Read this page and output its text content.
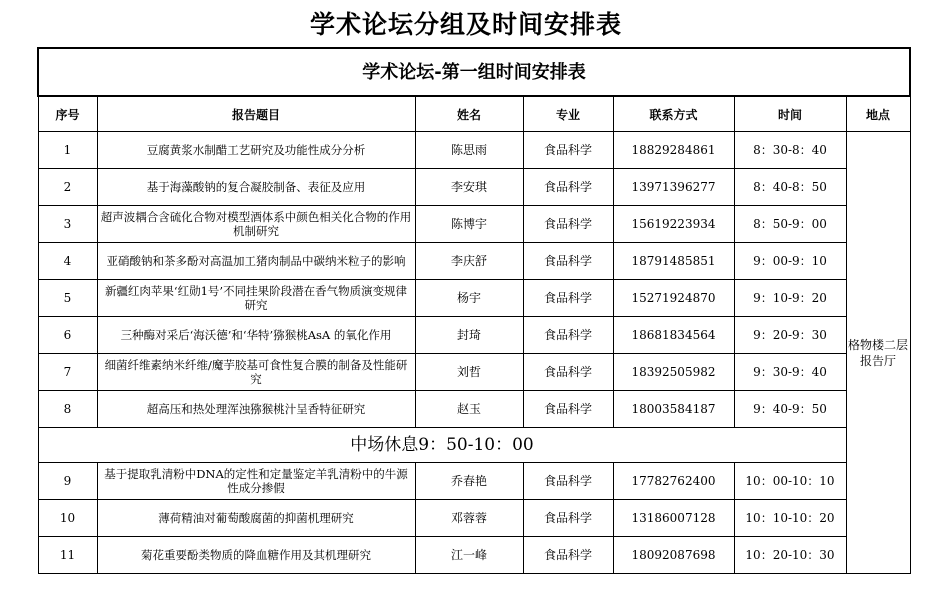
学术论坛分组及时间安排表
学术论坛-第一组时间安排表						
序号	报告题目	姓名	专业	联系方式	时间	地点
1	豆腐黄浆水制醋工艺研究及功能性成分分析	陈思雨	食品科学	18829284861	8：30-8：40	格物楼二层报告厅
2	基于海藻酸钠的复合凝胶制备、表征及应用	李安琪	食品科学	13971396277	8：40-8：50	
3	超声波耦合含硫化合物对模型酒体系中颜色相关化合物的作用机制研究	陈博宇	食品科学	15619223934	8：50-9：00	
4	亚硝酸钠和茶多酚对高温加工猪肉制品中碳纳米粒子的影响	李庆舒	食品科学	18791485851	9：00-9：10	
5	新疆红肉苹果‘红勋1号’不同挂果阶段潜在香气物质演变规律研究	杨宇	食品科学	15271924870	9：10-9：20	
6	三种酶对采后‘海沃德’和‘华特’猕猴桃AsA 的氧化作用	封琦	食品科学	18681834564	9：20-9：30	
7	细菌纤维素纳米纤维/魔芋胶基可食性复合膜的制备及性能研究	刘哲	食品科学	18392505982	9：30-9：40	
8	超高压和热处理浑浊猕猴桃汁呈香特征研究	赵玉	食品科学	18003584187	9：40-9：50	
中场休息9：50-10：00						
9	基于提取乳清粉中DNA的定性和定量鉴定羊乳清粉中的牛源性成分掺假	乔春艳	食品科学	17782762400	10：00-10：10	
10	薄荷精油对葡萄酸腐菌的抑菌机理研究	邓蓉蓉	食品科学	13186007128	10：10-10：20	
11	菊花重要酚类物质的降血糖作用及其机理研究	江一峰	食品科学	18092087698	10：20-10：30	
